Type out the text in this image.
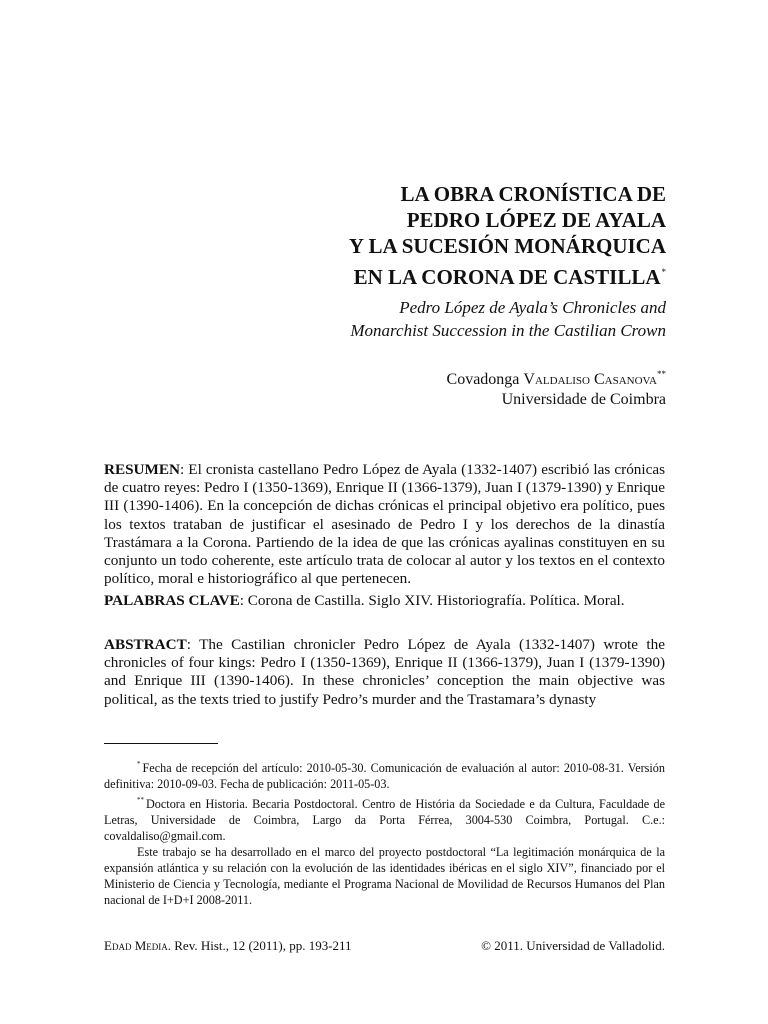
LA OBRA CRONÍSTICA DE
PEDRO LÓPEZ DE AYALA
Y LA SUCESIÓN MONÁRQUICA
EN LA CORONA DE CASTILLA*
Pedro López de Ayala’s Chronicles and
Monarchist Succession in the Castilian Crown
Covadonga Valdaliso Casanova**
Universidade de Coimbra
RESUMEN: El cronista castellano Pedro López de Ayala (1332-1407) escribió las crónicas de cuatro reyes: Pedro I (1350-1369), Enrique II (1366-1379), Juan I (1379-1390) y Enrique III (1390-1406). En la concepción de dichas crónicas el principal objetivo era político, pues los textos trataban de justificar el asesinado de Pedro I y los derechos de la dinastía Trastámara a la Corona. Partiendo de la idea de que las crónicas ayalinas constituyen en su conjunto un todo coherente, este artículo trata de colocar al autor y los textos en el contexto político, moral e historiográfico al que pertenecen.
PALABRAS CLAVE: Corona de Castilla. Siglo XIV. Historiografía. Política. Moral.
ABSTRACT: The Castilian chronicler Pedro López de Ayala (1332-1407) wrote the chronicles of four kings: Pedro I (1350-1369), Enrique II (1366-1379), Juan I (1379-1390) and Enrique III (1390-1406). In these chronicles’ conception the main objective was political, as the texts tried to justify Pedro’s murder and the Trastamara’s dynasty

* Fecha de recepción del artículo: 2010-05-30. Comunicación de evaluación al autor: 2010-08-31. Versión definitiva: 2010-09-03. Fecha de publicación: 2011-05-03.

** Doctora en Historia. Becaria Postdoctoral. Centro de História da Sociedade e da Cultura, Faculdade de Letras, Universidade de Coimbra, Largo da Porta Férrea, 3004-530 Coimbra, Portugal. C.e.: covaldaliso@gmail.com.

Este trabajo se ha desarrollado en el marco del proyecto postdoctoral “La legitimación monárquica de la expansión atlántica y su relación con la evolución de las identidades ibéricas en el siglo XIV”, financiado por el Ministerio de Ciencia y Tecnología, mediante el Programa Nacional de Movilidad de Recursos Humanos del Plan nacional de I+D+I 2008-2011.

Edad Media. Rev. Hist., 12 (2011), pp. 193-211	© 2011. Universidad de Valladolid.
